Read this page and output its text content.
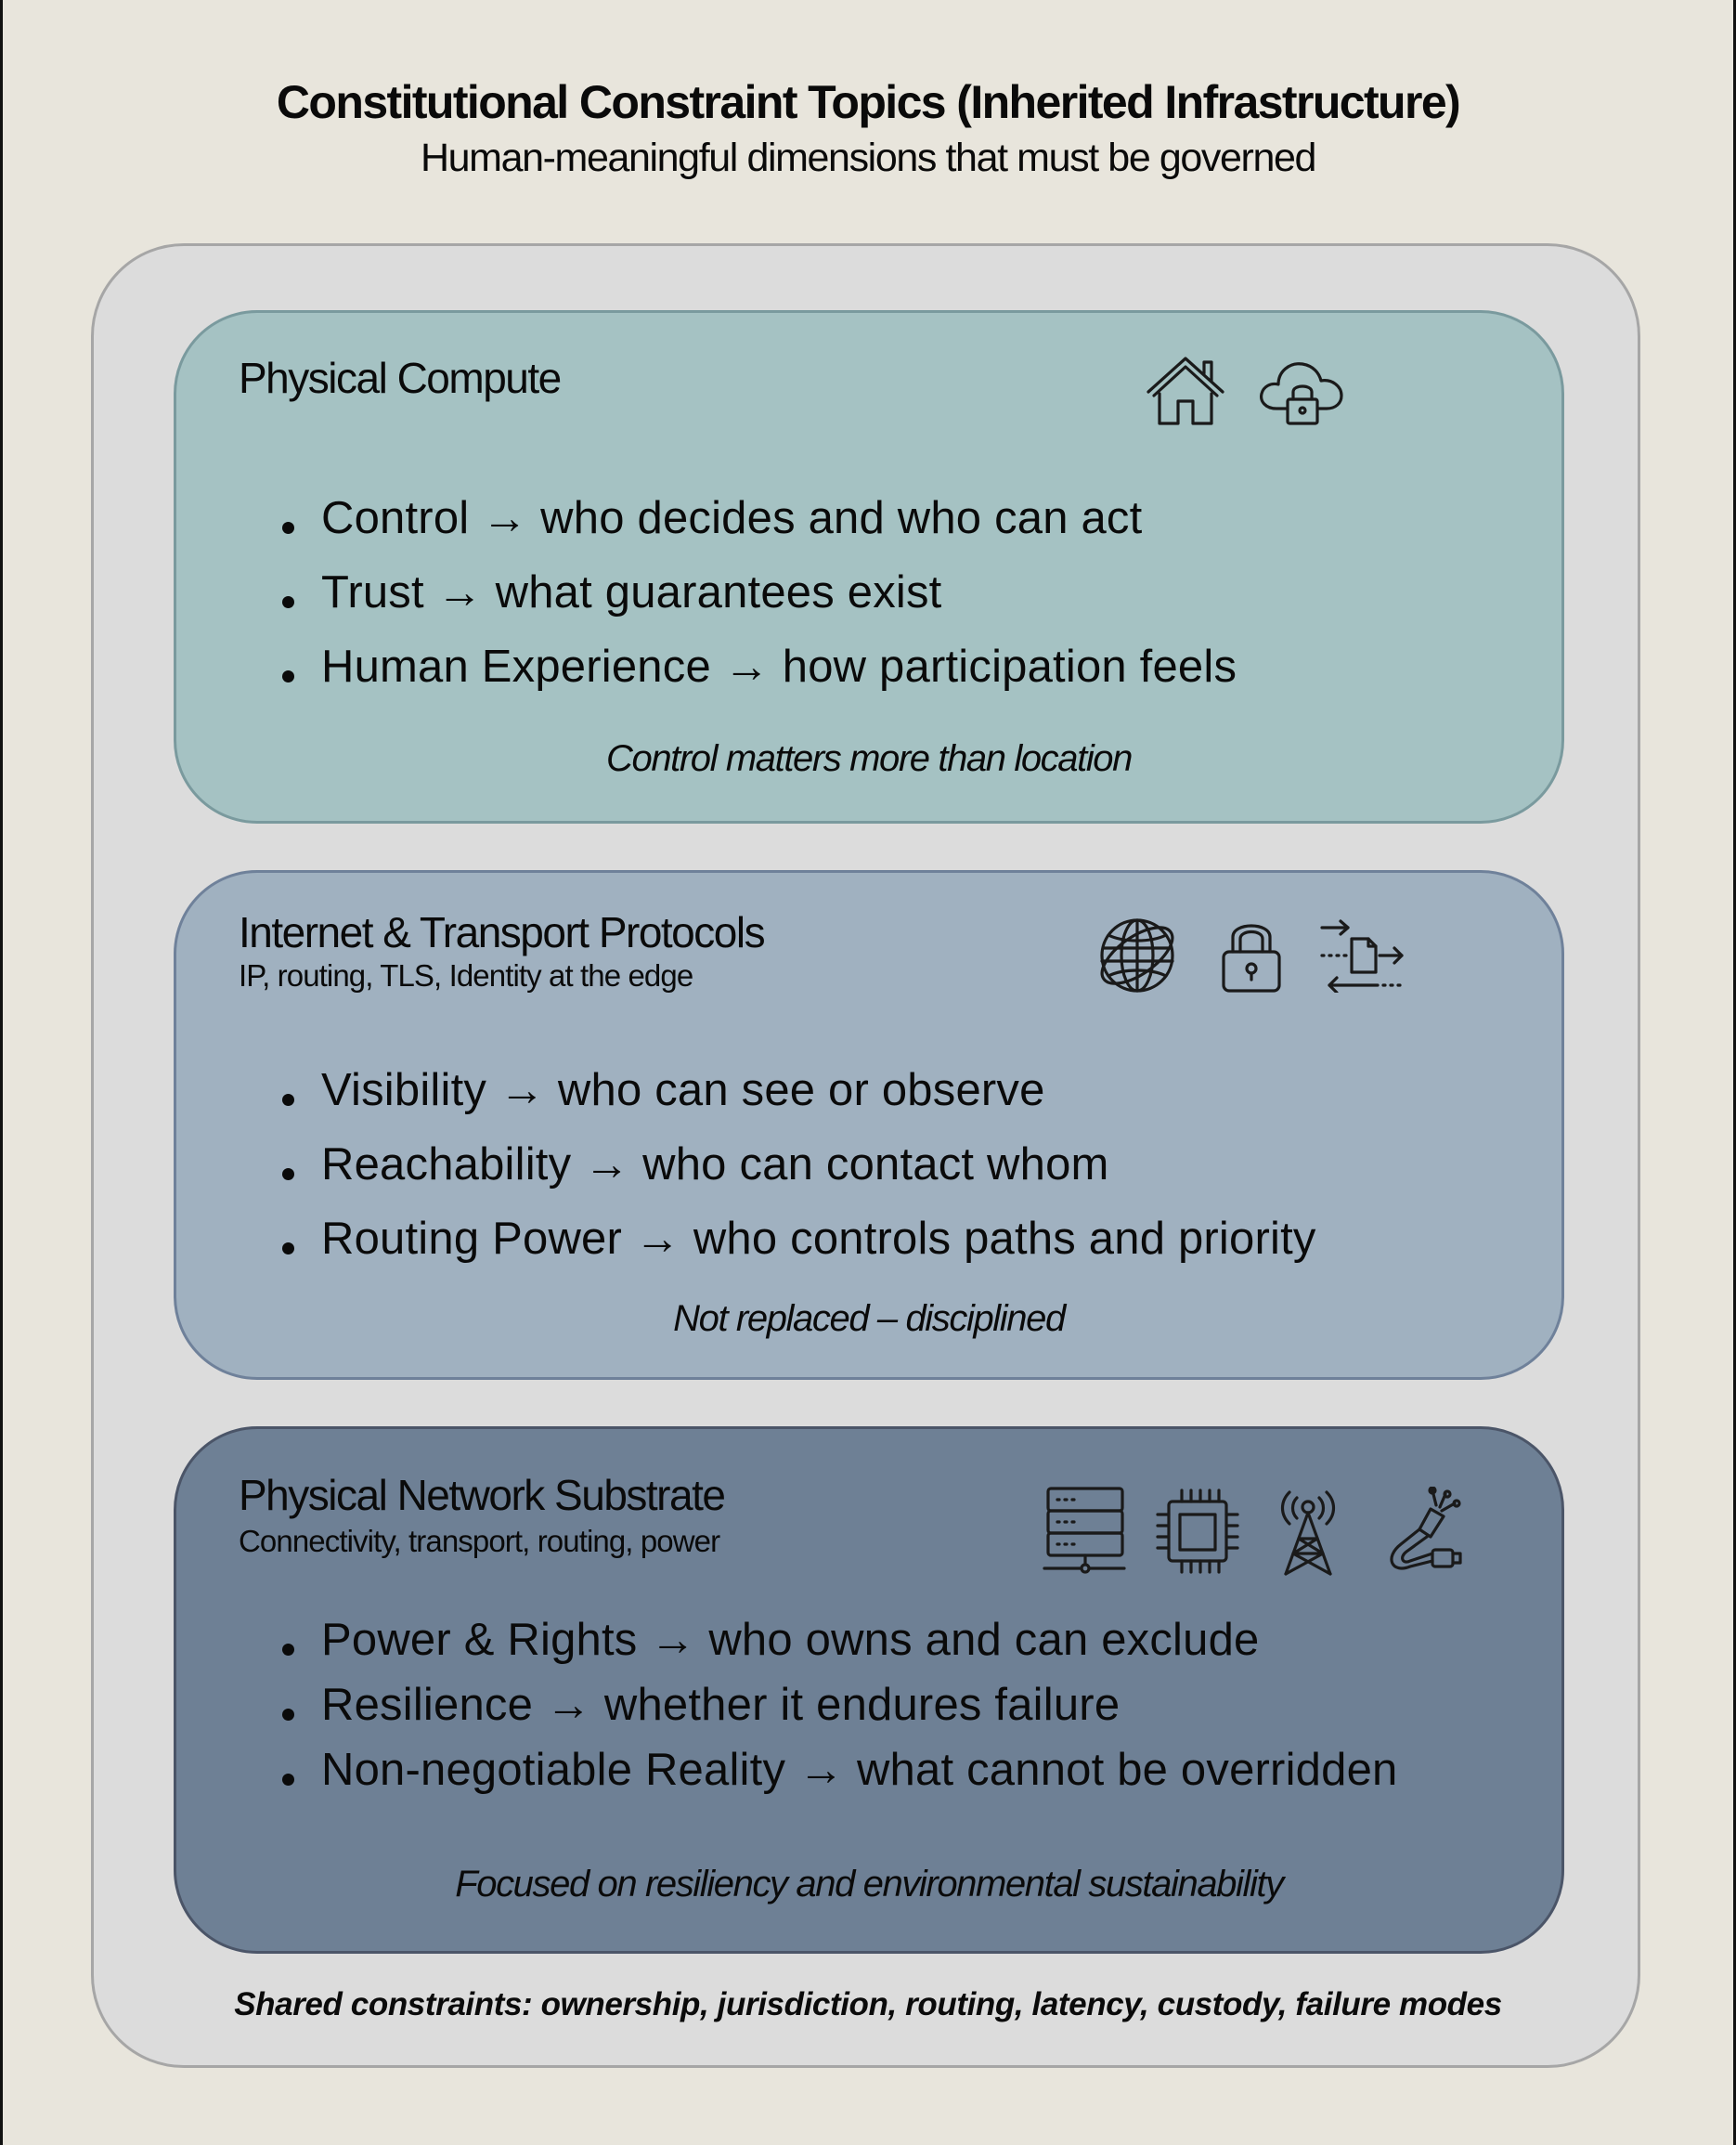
Constitutional Constraint Topics (Inherited Infrastructure)
Human-meaningful dimensions that must be governed
Physical Compute
Control → who decides and who can act
Trust → what guarantees exist
Human Experience → how participation feels
Control matters more than location
Internet & Transport Protocols
IP, routing, TLS, Identity at the edge
Visibility → who can see or observe
Reachability → who can contact whom
Routing Power → who controls paths and priority
Not replaced – disciplined
Physical Network Substrate
Connectivity, transport, routing, power
Power & Rights → who owns and can exclude
Resilience → whether it endures failure
Non-negotiable Reality → what cannot be overridden
Focused on resiliency and environmental sustainability
Shared constraints: ownership, jurisdiction, routing, latency, custody, failure modes
